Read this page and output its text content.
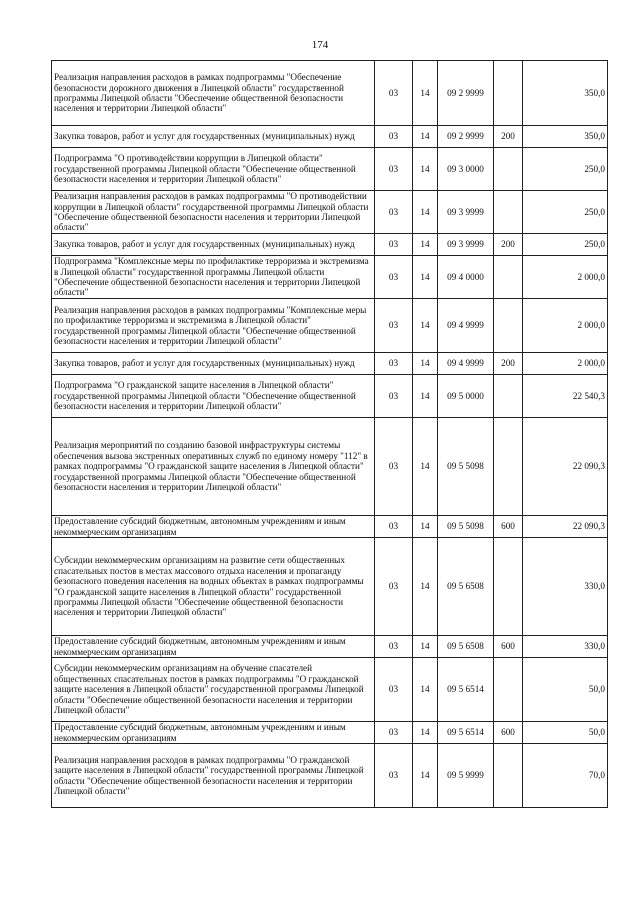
174
Реализация направления расходов в рамках подпрограммы "Обеспечение безопасности дорожного движения в Липецкой области" государственной программы Липецкой области "Обеспечение общественной безопасности населения и территории Липецкой области"	03	14	09 2 9999		350,0
Закупка товаров, работ и услуг для государственных (муниципальных) нужд	03	14	09 2 9999	200	350,0
Подпрограмма "О противодействии коррупции в Липецкой области" государственной программы Липецкой области "Обеспечение общественной безопасности населения и территории Липецкой области"	03	14	09 3 0000		250,0
Реализация направления расходов в рамках подпрограммы "О противодействии коррупции в Липецкой области" государственной программы Липецкой области "Обеспечение общественной безопасности населения и территории Липецкой области"	03	14	09 3 9999		250,0
Закупка товаров, работ и услуг для государственных (муниципальных) нужд	03	14	09 3 9999	200	250,0
Подпрограмма "Комплексные меры по профилактике терроризма и экстремизма в Липецкой области" государственной программы Липецкой области "Обеспечение общественной безопасности населения и территории Липецкой области"	03	14	09 4 0000		2 000,0
Реализация направления расходов в рамках подпрограммы "Комплексные меры по профилактике терроризма и экстремизма в Липецкой области" государственной программы Липецкой области "Обеспечение общественной безопасности населения и территории Липецкой области"	03	14	09 4 9999		2 000,0
Закупка товаров, работ и услуг для государственных (муниципальных) нужд	03	14	09 4 9999	200	2 000,0
Подпрограмма "О гражданской защите населения в Липецкой области" государственной программы Липецкой области "Обеспечение общественной безопасности населения и территории Липецкой области"	03	14	09 5 0000		22 540,3
Реализация мероприятий по созданию базовой инфраструктуры системы обеспечения вызова экстренных оперативных служб по единому номеру "112" в рамках подпрограммы "О гражданской защите населения в Липецкой области" государственной программы Липецкой области "Обеспечение общественной безопасности населения и территории Липецкой области"	03	14	09 5 5098		22 090,3
Предоставление субсидий бюджетным, автономным учреждениям и иным некоммерческим организациям	03	14	09 5 5098	600	22 090,3
Субсидии некоммерческим организациям на развитие сети общественных спасательных постов в местах массового отдыха населения и пропаганду безопасного поведения населения на водных объектах в рамках подпрограммы "О гражданской защите населения в Липецкой области" государственной программы Липецкой области "Обеспечение общественной безопасности населения и территории Липецкой области"	03	14	09 5 6508		330,0
Предоставление субсидий бюджетным, автономным учреждениям и иным некоммерческим организациям	03	14	09 5 6508	600	330,0
Субсидии некоммерческим организациям на обучение спасателей общественных спасательных постов в рамках подпрограммы "О гражданской защите населения в Липецкой области" государственной программы Липецкой области "Обеспечение общественной безопасности населения и территории Липецкой области"	03	14	09 5 6514		50,0
Предоставление субсидий бюджетным, автономным учреждениям и иным некоммерческим организациям	03	14	09 5 6514	600	50,0
Реализация направления расходов в рамках подпрограммы "О гражданской защите населения в Липецкой области" государственной программы Липецкой области "Обеспечение общественной безопасности населения и территории Липецкой области"	03	14	09 5 9999		70,0
